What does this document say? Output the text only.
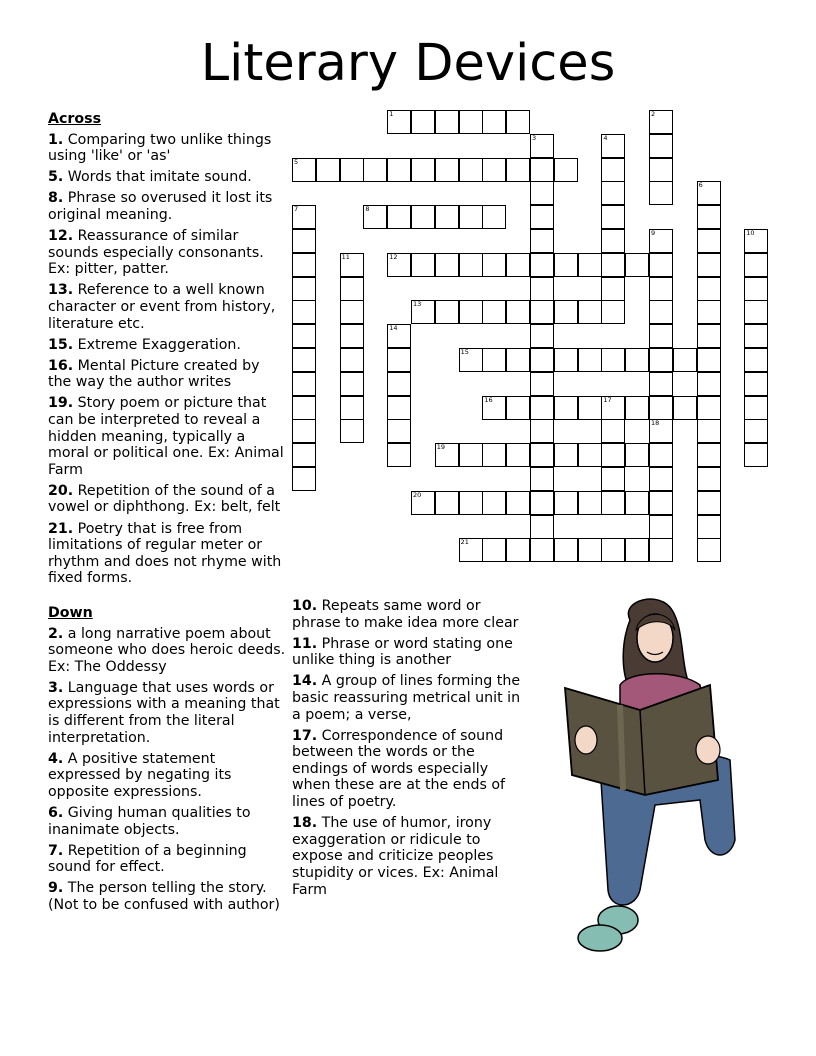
Literary Devices
Across
1. Comparing two unlike things using 'like' or 'as'
5. Words that imitate sound.
8. Phrase so overused it lost its original meaning.
12. Reassurance of similar sounds especially consonants. Ex: pitter, patter.
13. Reference to a well known character or event from history, literature etc.
15. Extreme Exaggeration.
16. Mental Picture created by the way the author writes
19. Story poem or picture that can be interpreted to reveal a hidden meaning, typically a moral or political one. Ex: Animal Farm
20. Repetition of the sound of a vowel or diphthong. Ex: belt, felt
21. Poetry that is free from limitations of regular meter or rhythm and does not rhyme with fixed forms.
Down
2. a long narrative poem about someone who does heroic deeds. Ex: The Oddessy
3. Language that uses words or expressions with a meaning that is different from the literal interpretation.
4. A positive statement expressed by negating its opposite expressions.
6. Giving human qualities to inanimate objects.
7. Repetition of a beginning sound for effect.
9. The person telling the story. (Not to be confused with author)
10. Repeats same word or phrase to make idea more clear
11. Phrase or word stating one unlike thing is another
14. A group of lines forming the basic reassuring metrical unit in a poem; a verse,
17. Correspondence of sound between the words or the endings of words especially when these are at the ends of lines of poetry.
18. The use of humor, irony exaggeration or ridicule to expose and criticize peoples stupidity or vices. Ex: Animal Farm
1	2
3	4
5
6
7	8
9	10
11	12
13
14
15
16	17
18
19
20
21
